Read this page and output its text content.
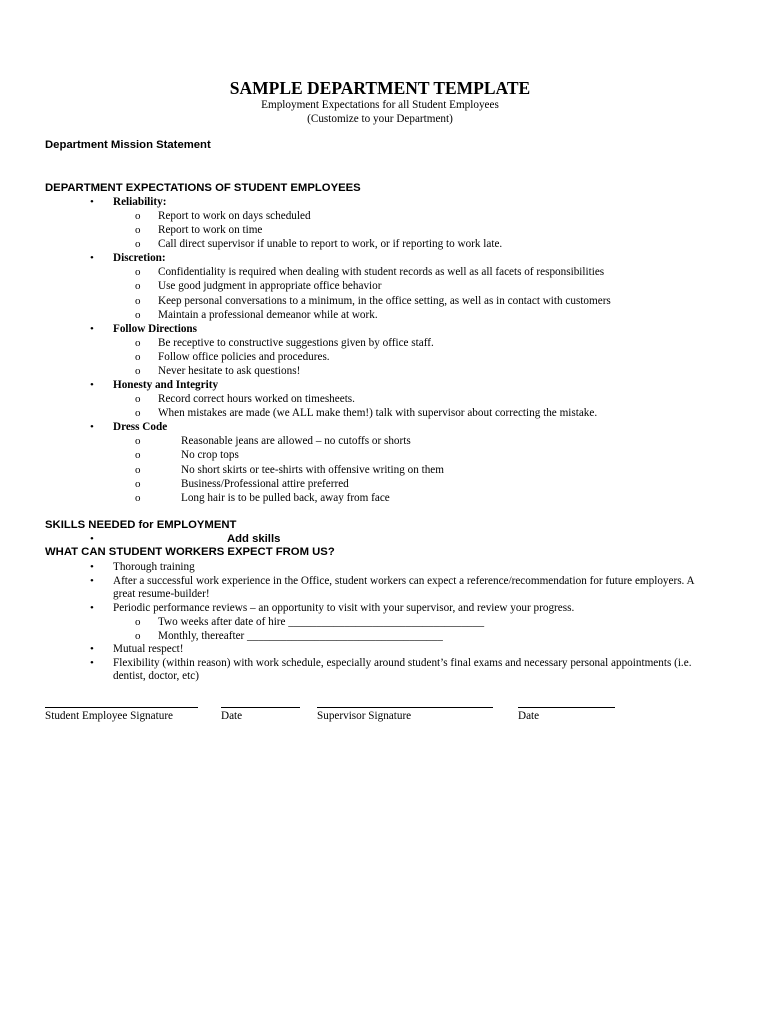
SAMPLE DEPARTMENT TEMPLATE
Employment Expectations for all Student Employees
(Customize to your Department)
Department Mission Statement
DEPARTMENT EXPECTATIONS OF STUDENT EMPLOYEES
• Reliability:
o Report to work on days scheduled
o Report to work on time
o Call direct supervisor if unable to report to work, or if reporting to work late.
• Discretion:
o Confidentiality is required when dealing with student records as well as all facets of responsibilities
o Use good judgment in appropriate office behavior
o Keep personal conversations to a minimum, in the office setting, as well as in contact with customers
o Maintain a professional demeanor while at work.
• Follow Directions
o Be receptive to constructive suggestions given by office staff.
o Follow office policies and procedures.
o Never hesitate to ask questions!
• Honesty and Integrity
o Record correct hours worked on timesheets.
o When mistakes are made (we ALL make them!) talk with supervisor about correcting the mistake.
• Dress Code
o	Reasonable jeans are allowed – no cutoffs or shorts
o	No crop tops
o	No short skirts or tee-shirts with offensive writing on them
o	Business/Professional attire preferred
o	Long hair is to be pulled back, away from face
SKILLS NEEDED for EMPLOYMENT
•	Add skills
WHAT CAN STUDENT WORKERS EXPECT FROM US?
• Thorough training
• After a successful work experience in the Office, student workers can expect a reference/recommendation for future employers. A
great resume-builder!
• Periodic performance reviews – an opportunity to visit with your supervisor, and review your progress.
o Two weeks after date of hire ___________________________________
o Monthly, thereafter ___________________________________
• Mutual respect!
• Flexibility (within reason) with work schedule, especially around student’s final exams and necessary personal appointments (i.e.
dentist, doctor, etc)
Student Employee Signature	Date	Supervisor Signature	Date
